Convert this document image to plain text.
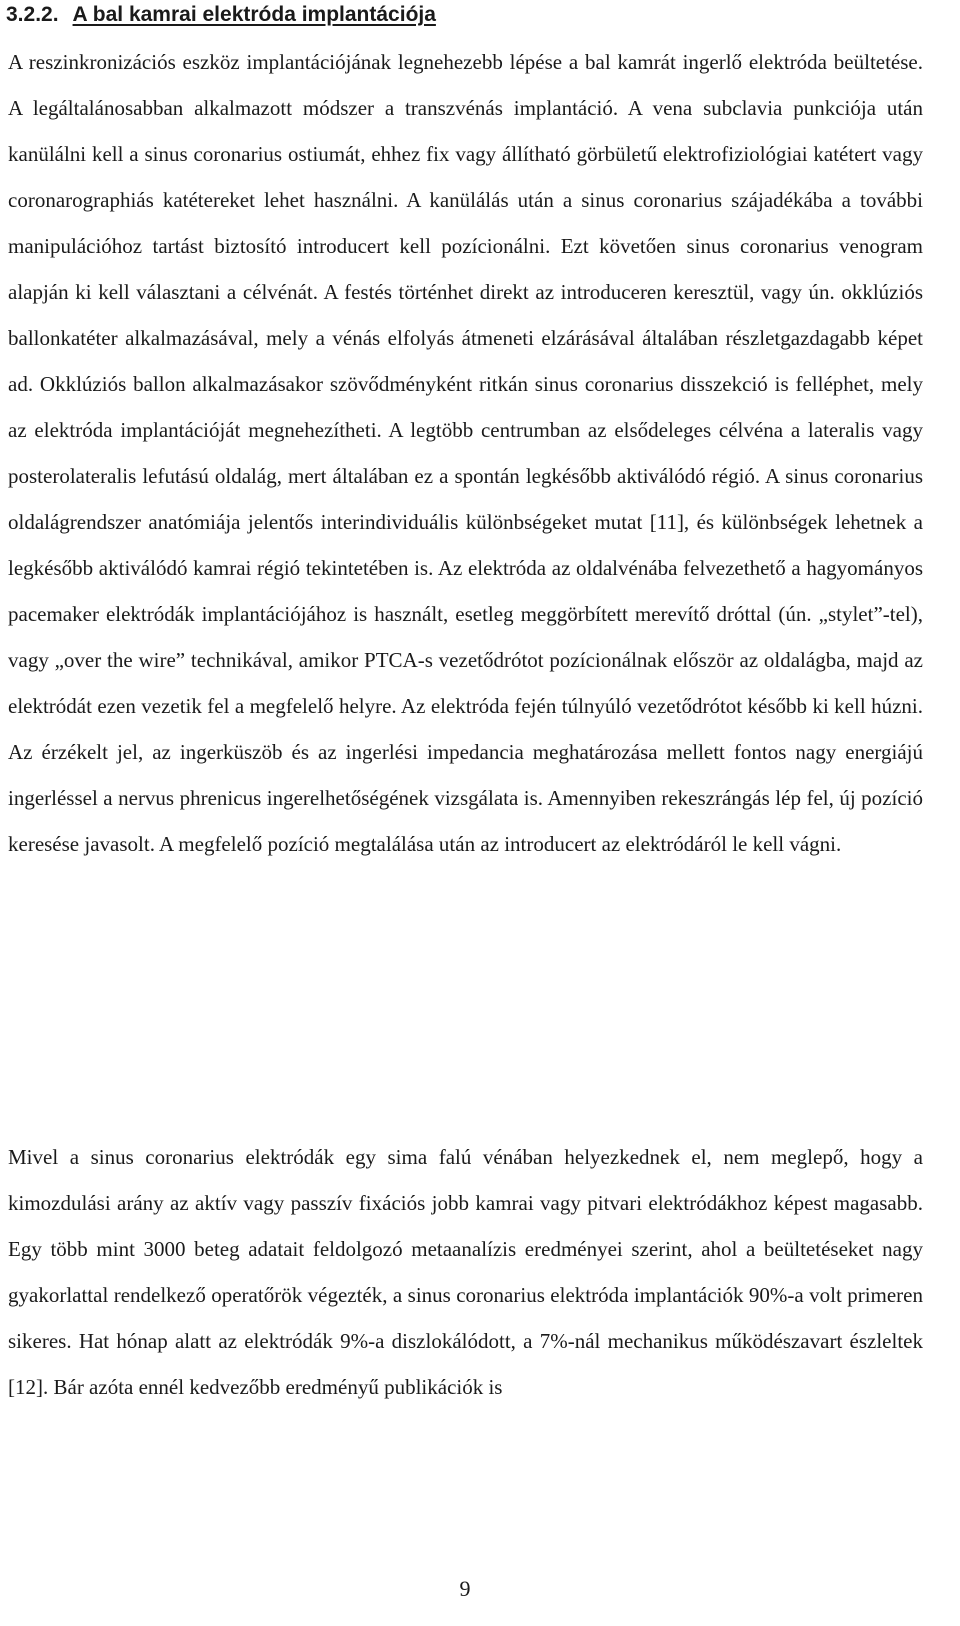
3.2.2. A bal kamrai elektróda implantációja

A reszinkronizációs eszköz implantációjának legnehezebb lépése a bal kamrát ingerlő elektróda beültetése. A legáltalánosabban alkalmazott módszer a transzvénás implantáció. A vena subclavia punkciója után kanülálni kell a sinus coronarius ostiumát, ehhez fix vagy állítható görbületű elektrofiziológiai katétert vagy coronarographiás katétereket lehet használni. A kanülálás után a sinus coronarius szájadékába a további manipulációhoz tartást biztosító introducert kell pozícionálni. Ezt követően sinus coronarius venogram alapján ki kell választani a célvénát. A festés történhet direkt az introduceren keresztül, vagy ún. okklúziós ballonkatéter alkalmazásával, mely a vénás elfolyás átmeneti elzárásával általában részletgazdagabb képet ad. Okklúziós ballon alkalmazásakor szövődményként ritkán sinus coronarius disszekció is felléphet, mely az elektróda implantációját megnehezítheti. A legtöbb centrumban az elsődeleges célvéna a lateralis vagy posterolateralis lefutású oldalág, mert általában ez a spontán legkésőbb aktiválódó régió. A sinus coronarius oldalágrendszer anatómiája jelentős interindividuális különbségeket mutat [11], és különbségek lehetnek a legkésőbb aktiválódó kamrai régió tekintetében is. Az elektróda az oldalvénába felvezethető a hagyományos pacemaker elektródák implantációjához is használt, esetleg meggörbített merevítő dróttal (ún. „stylet”-tel), vagy „over the wire” technikával, amikor PTCA-s vezetődrótot pozícionálnak először az oldalágba, majd az elektródát ezen vezetik fel a megfelelő helyre. Az elektróda fején túlnyúló vezetődrótot később ki kell húzni. Az érzékelt jel, az ingerküszöb és az ingerlési impedancia meghatározása mellett fontos nagy energiájú ingerléssel a nervus phrenicus ingerelhetőségének vizsgálata is. Amennyiben rekeszrángás lép fel, új pozíció keresése javasolt. A megfelelő pozíció megtalálása után az introducert az elektródáról le kell vágni.

Mivel a sinus coronarius elektródák egy sima falú vénában helyezkednek el, nem meglepő, hogy a kimozdulási arány az aktív vagy passzív fixációs jobb kamrai vagy pitvari elektródákhoz képest magasabb. Egy több mint 3000 beteg adatait feldolgozó metaanalízis eredményei szerint, ahol a beültetéseket nagy gyakorlattal rendelkező operatőrök végezték, a sinus coronarius elektróda implantációk 90%-a volt primeren sikeres. Hat hónap alatt az elektródák 9%-a diszlokálódott, a 7%-nál mechanikus működészavart észleltek [12]. Bár azóta ennél kedvezőbb eredményű publikációk is

9
